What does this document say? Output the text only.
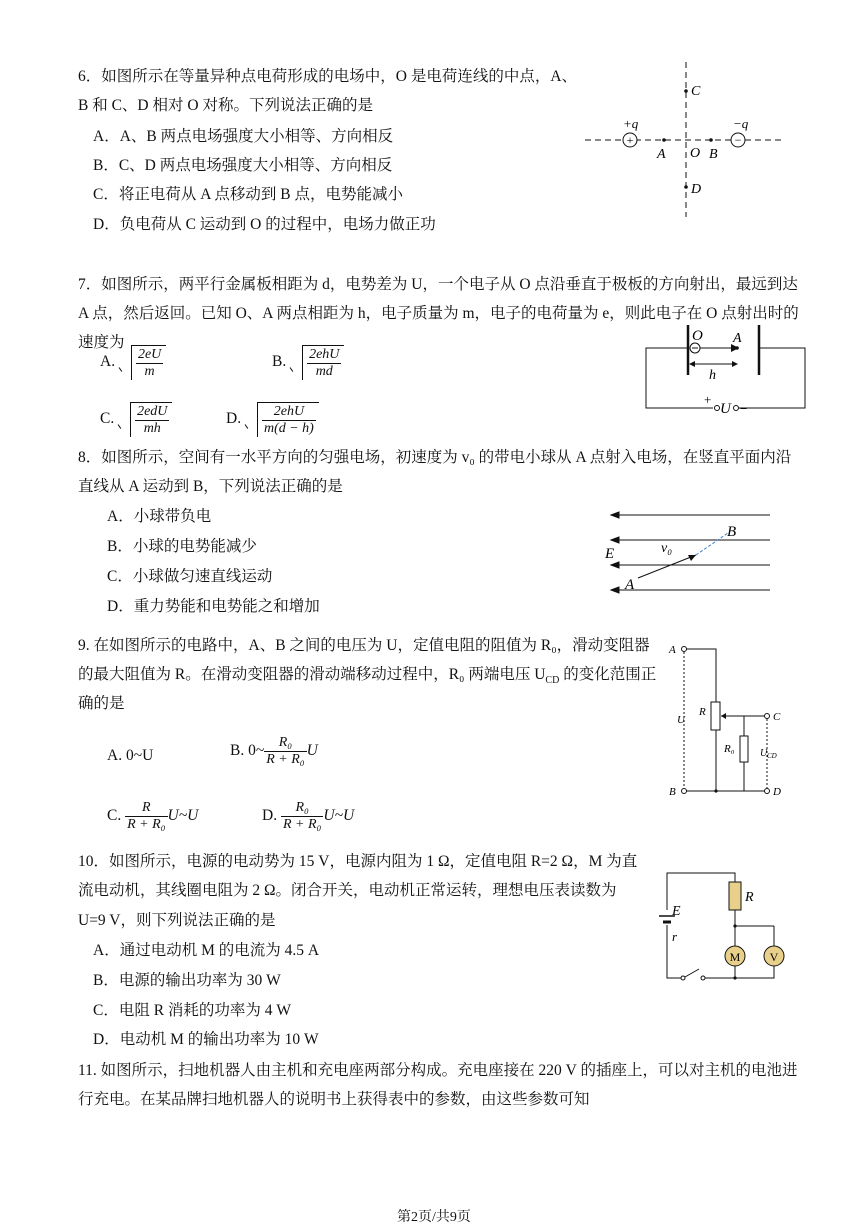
6．如图所示在等量异种点电荷形成的电场中，O 是电荷连线的中点，A、
B 和 C、D 相对 O 对称。下列说法正确的是
A．A、B 两点电场强度大小相等、方向相反
B．C、D 两点电场强度大小相等、方向相反
C．将正电荷从 A 点移动到 B 点，电势能减小
D．负电荷从 C 运动到 O 的过程中，电场力做正功
+	−
+q	−q
A O B
C
D
7．如图所示，两平行金属板相距为 d，电势差为 U，一个电子从 O 点沿垂直于极板的方向射出，最远到达
A 点，然后返回。已知 O、A 两点相距为 h，电子质量为 m，电子的电荷量为 e，则此电子在 O 点射出时的
速度为
A. $\frac{2eU}{m}$	B. $\frac{\text{2ehU}}{md}$
C. $\frac{\text{2edU}}{mh}$	D. $\frac{\text{2ehU}}{m(d - h)}$
O A
h
+
U −
8．如图所示，空间有一水平方向的匀强电场，初速度为 v₀ 的带电小球从 A 点射入电场，在竖直平面内沿
直线从 A 运动到 B，下列说法正确的是
A．小球带负电
B．小球的电势能减少
C．小球做匀速直线运动
D．重力势能和电势能之和增加
E	v₀
A
B
9. 在如图所示的电路中，A、B 之间的电压为 U，定值电阻的阻值为 R₀，滑动变阻器
的最大阻值为 R。在滑动变阻器的滑动端移动过程中，R₀ 两端电压 $U_{CD}$ 的变化范围正
确的是
A. 0~U	B. 0~ $\frac{\text{R₀}}{\text{R + R₀}}$ U
C. $\frac{R}{\text{R + R₀}}$ U~U	D. $\frac{\text{R₀}}{\text{R + R₀}}$ U~U
A
B
C
D
U
R
R₀	U CD
10．如图所示，电源的电动势为 15 V，电源内阻为 1 Ω，定值电阻 R=2 Ω，M 为直
流电动机，其线圈电阻为 2 Ω。闭合开关，电动机正常运转，理想电压表读数为
U=9 V，则下列说法正确的是
A．通过电动机 M 的电流为 4.5 A
B．电源的输出功率为 30 W
C．电阻 R 消耗的功率为 4 W
D．电动机 M 的输出功率为 10 W
E
r
R
M V
11. 如图所示，扫地机器人由主机和充电座两部分构成。充电座接在 220 V 的插座上，可以对主机的电池进
行充电。在某品牌扫地机器人的说明书上获得表中的参数，由这些参数可知
第2页/共9页
